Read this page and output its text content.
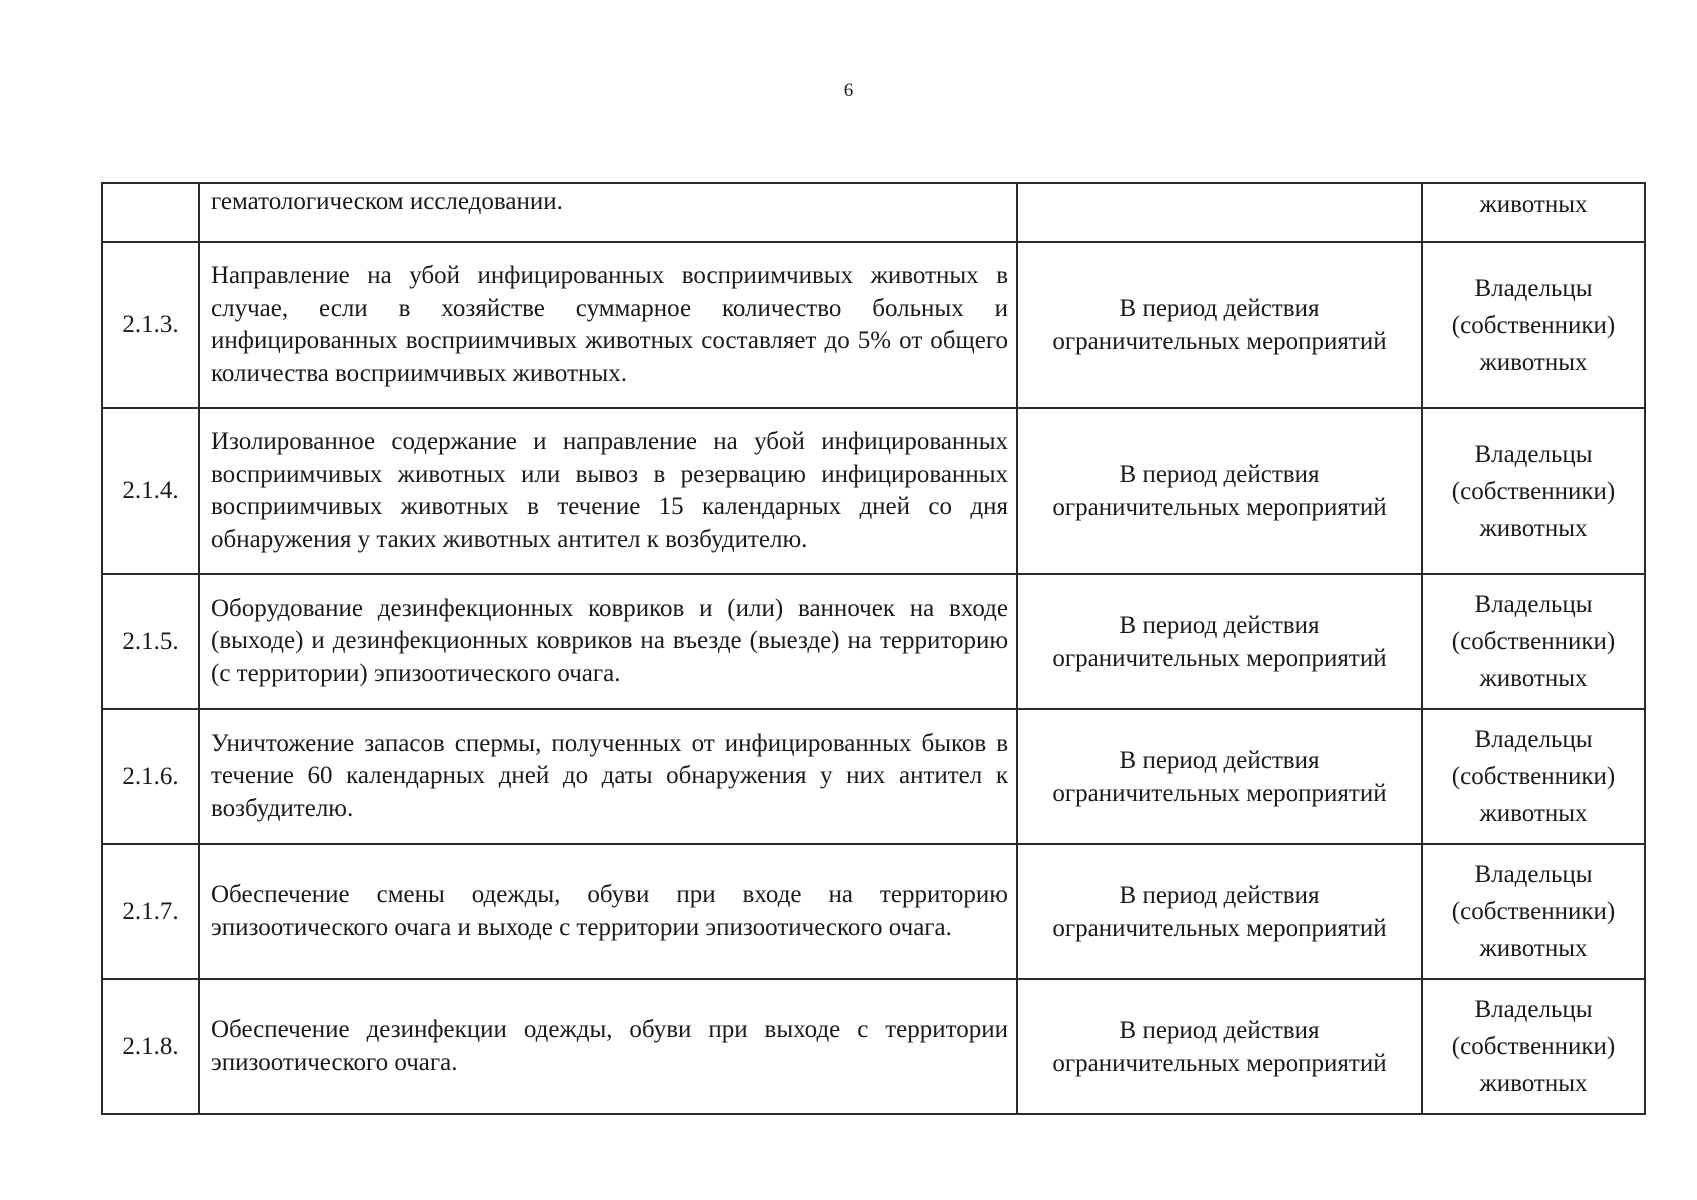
6
	гематологическом исследовании.		животных
2.1.3.	Направление на убой инфицированных восприимчивых животных в случае, если в хозяйстве суммарное количество больных и инфицированных восприимчивых животных составляет до 5% от общего количества восприимчивых животных.	В период действия ограничительных мероприятий	Владельцы (собственники) животных
2.1.4.	Изолированное содержание и направление на убой инфицированных восприимчивых животных или вывоз в резервацию инфицированных восприимчивых животных в течение 15 календарных дней со дня обнаружения у таких животных антител к возбудителю.	В период действия ограничительных мероприятий	Владельцы (собственники) животных
2.1.5.	Оборудование дезинфекционных ковриков и (или) ванночек на входе (выходе) и дезинфекционных ковриков на въезде (выезде) на территорию (с территории) эпизоотического очага.	В период действия ограничительных мероприятий	Владельцы (собственники) животных
2.1.6.	Уничтожение запасов спермы, полученных от инфицированных быков в течение 60 календарных дней до даты обнаружения у них антител к возбудителю.	В период действия ограничительных мероприятий	Владельцы (собственники) животных
2.1.7.	Обеспечение смены одежды, обуви при входе на территорию эпизоотического очага и выходе с территории эпизоотического очага.	В период действия ограничительных мероприятий	Владельцы (собственники) животных
2.1.8.	Обеспечение дезинфекции одежды, обуви при выходе с территории эпизоотического очага.	В период действия ограничительных мероприятий	Владельцы (собственники) животных
